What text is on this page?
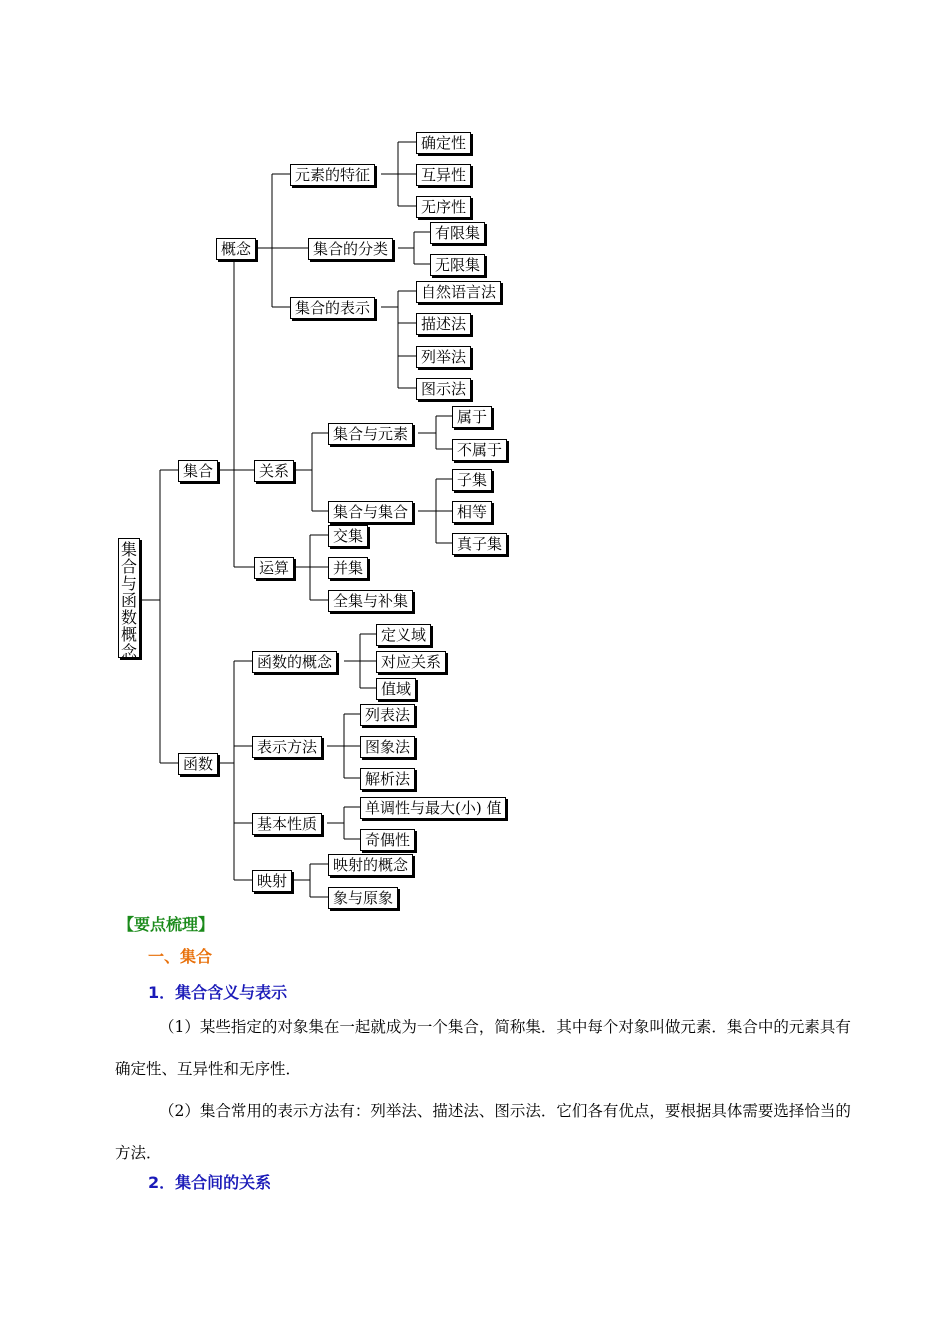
集
合
与
函
数
概
念
集合
函数
概念
关系
运算
元素的特征
确定性
互异性
无序性
集合的分类
有限集
无限集
集合的表示
自然语言法
描述法
列举法
图示法
集合与元素
属于
不属于
集合与集合
子集
相等
真子集
交集
并集
全集与补集
函数的概念
定义域
对应关系
值域
表示方法
列表法
图象法
解析法
基本性质
单调性与最大(小) 值
奇偶性
映射
映射的概念
象与原象
【要点梳理】
一、集合
1．集合含义与表示
（1）某些指定的对象集在一起就成为一个集合，简称集．其中每个对象叫做元素．集合中的元素具有确定性、互异性和无序性．
（2）集合常用的表示方法有：列举法、描述法、图示法．它们各有优点，要根据具体需要选择恰当的方法．
2．集合间的关系
